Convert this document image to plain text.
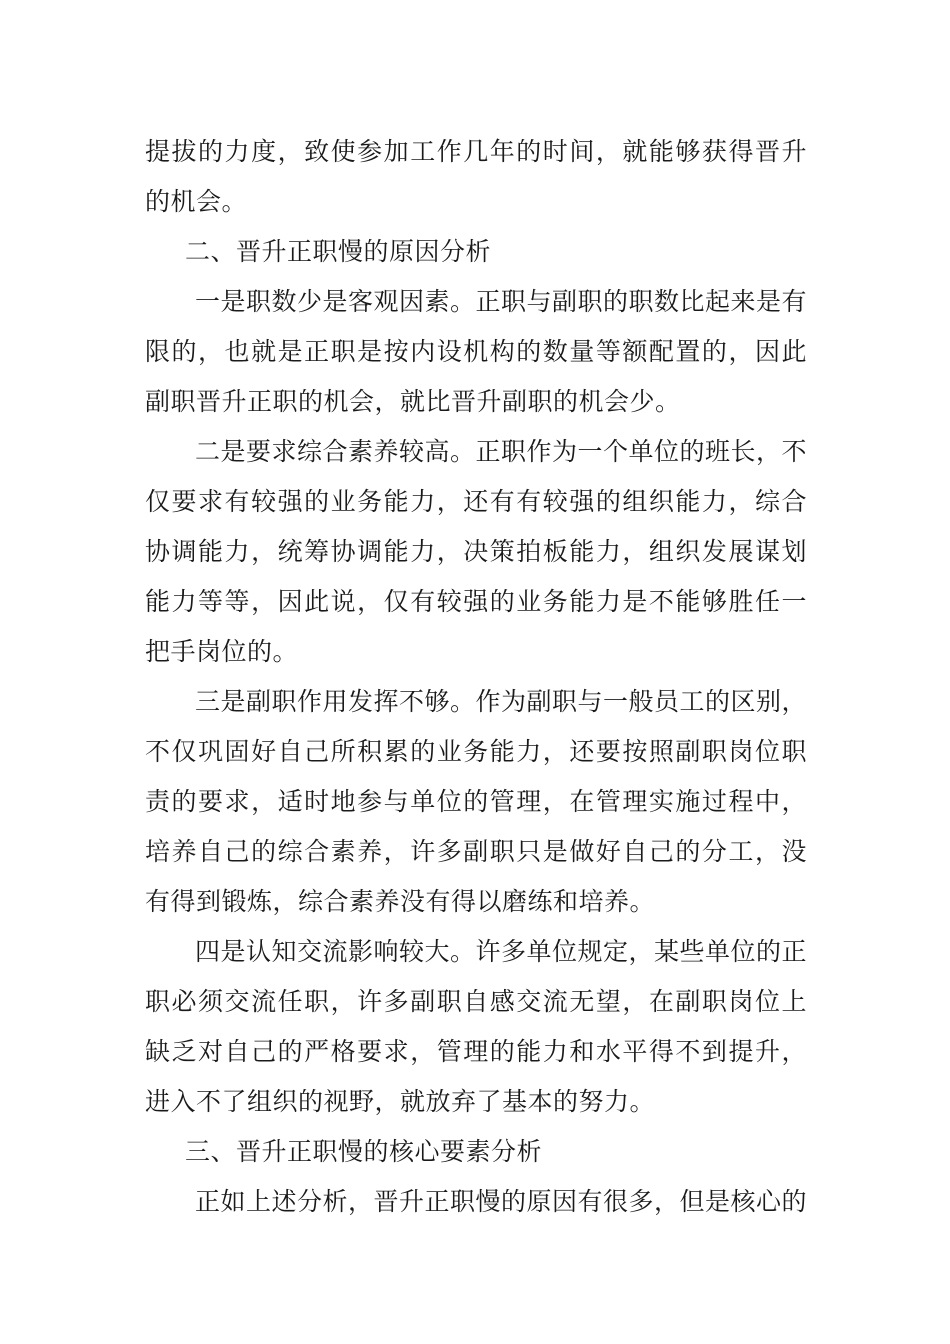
提拔的力度，致使参加工作几年的时间，就能够获得晋升的机会。

二、晋升正职慢的原因分析

一是职数少是客观因素。正职与副职的职数比起来是有限的，也就是正职是按内设机构的数量等额配置的，因此副职晋升正职的机会，就比晋升副职的机会少。

二是要求综合素养较高。正职作为一个单位的班长，不仅要求有较强的业务能力，还有有较强的组织能力，综合协调能力，统筹协调能力，决策拍板能力，组织发展谋划能力等等，因此说，仅有较强的业务能力是不能够胜任一把手岗位的。

三是副职作用发挥不够。作为副职与一般员工的区别，不仅巩固好自己所积累的业务能力，还要按照副职岗位职责的要求，适时地参与单位的管理，在管理实施过程中，培养自己的综合素养，许多副职只是做好自己的分工，没有得到锻炼，综合素养没有得以磨练和培养。

四是认知交流影响较大。许多单位规定，某些单位的正职必须交流任职，许多副职自感交流无望，在副职岗位上缺乏对自己的严格要求，管理的能力和水平得不到提升，进入不了组织的视野，就放弃了基本的努力。

三、晋升正职慢的核心要素分析

正如上述分析，晋升正职慢的原因有很多，但是核心的
